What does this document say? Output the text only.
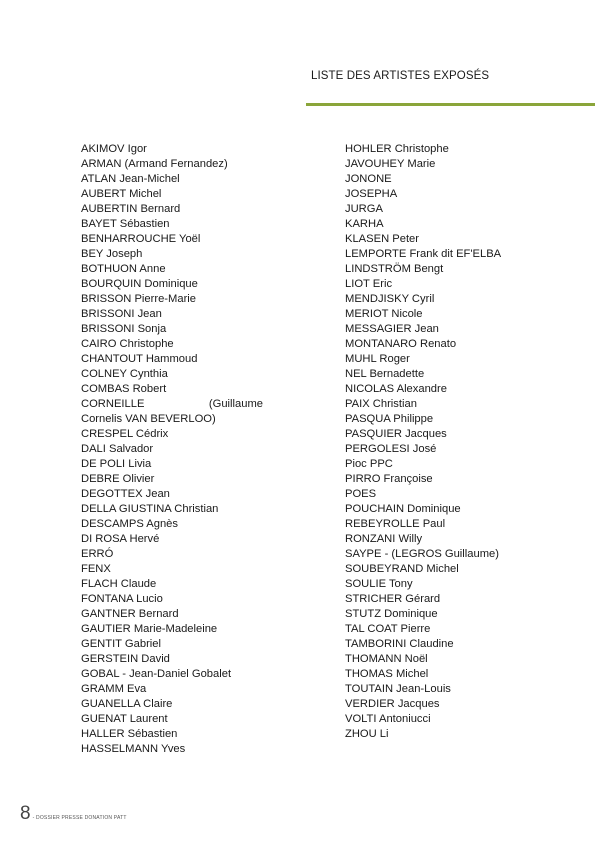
LISTE DES ARTISTES EXPOSÉS
AKIMOV Igor
ARMAN (Armand Fernandez)
ATLAN Jean-Michel
AUBERT Michel
AUBERTIN Bernard
BAYET Sébastien
BENHARROUCHE Yoël
BEY Joseph
BOTHUON Anne
BOURQUIN Dominique
BRISSON Pierre-Marie
BRISSONI Jean
BRISSONI Sonja
CAIRO Christophe
CHANTOUT Hammoud
COLNEY Cynthia
COMBAS Robert
CORNEILLE	(Guillaume
Cornelis VAN BEVERLOO)
CRESPEL Cédrix
DALI Salvador
DE POLI Livia
DEBRE Olivier
DEGOTTEX Jean
DELLA GIUSTINA Christian
DESCAMPS Agnès
DI ROSA Hervé
ERRÓ
FENX
FLACH Claude
FONTANA Lucio
GANTNER Bernard
GAUTIER Marie-Madeleine
GENTIT Gabriel
GERSTEIN David
GOBAL - Jean-Daniel Gobalet
GRAMM Eva
GUANELLA Claire
GUENAT Laurent
HALLER Sébastien
HASSELMANN Yves
HOHLER Christophe
JAVOUHEY Marie
JONONE
JOSEPHA
JURGA
KARHA
KLASEN Peter
LEMPORTE Frank dit EF'ELBA
LINDSTRÖM Bengt
LIOT Eric
MENDJISKY Cyril
MERIOT Nicole
MESSAGIER Jean
MONTANARO Renato
MUHL Roger
NEL Bernadette
NICOLAS Alexandre
PAIX Christian
PASQUA Philippe
PASQUIER Jacques
PERGOLESI José
Pioc PPC
PIRRO Françoise
POES
POUCHAIN Dominique
REBEYROLLE Paul
RONZANI Willy
SAYPE - (LEGROS Guillaume)
SOUBEYRAND Michel
SOULIE Tony
STRICHER Gérard
STUTZ Dominique
TAL COAT Pierre
TAMBORINI Claudine
THOMANN Noël
THOMAS Michel
TOUTAIN Jean-Louis
VERDIER Jacques
VOLTI Antoniucci
ZHOU Li
8 - DOSSIER PRESSE DONATION PATT
